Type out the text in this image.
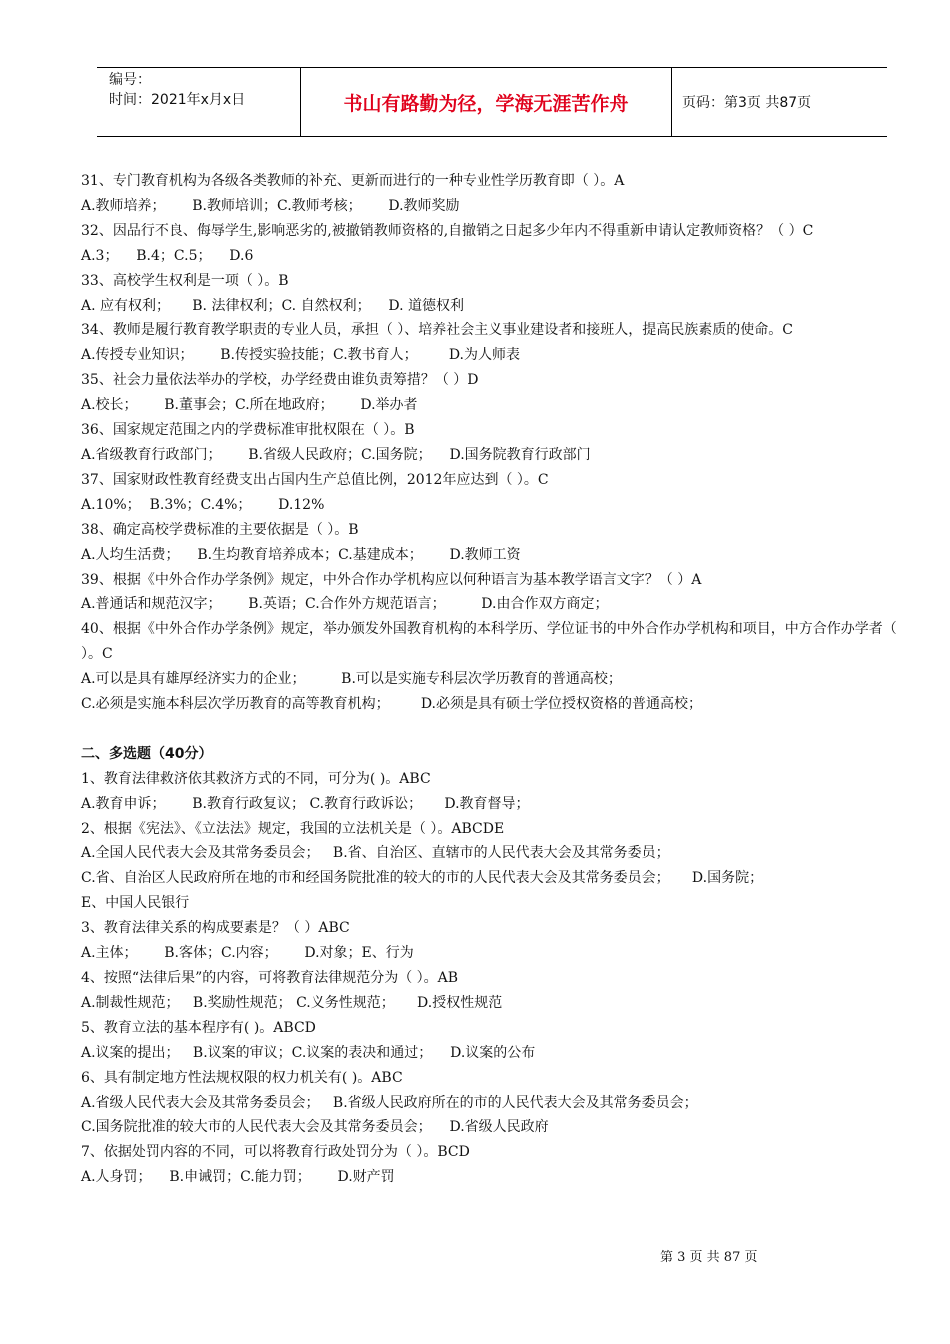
编号：
时间：2021年x月x日	书山有路勤为径，学海无涯苦作舟	页码：第3页 共87页
31、专门教育机构为各级各类教师的补充、更新而进行的一种专业性学历教育即（ ）。A
A.教师培养；      B.教师培训；C.教师考核；      D.教师奖励
32、因品行不良、侮辱学生,影响恶劣的,被撤销教师资格的,自撤销之日起多少年内不得重新申请认定教师资格？（ ）C
A.3；    B.4；C.5；    D.6
33、高校学生权利是一项（ ）。B
A. 应有权利；     B. 法律权利；C. 自然权利；    D. 道德权利
34、教师是履行教育教学职责的专业人员，承担（ ）、培养社会主义事业建设者和接班人，提高民族素质的使命。C
A.传授专业知识；      B.传授实验技能；C.教书育人；       D.为人师表
35、社会力量依法举办的学校，办学经费由谁负责筹措？（ ）D
A.校长；      B.董事会；C.所在地政府；      D.举办者
36、国家规定范围之内的学费标准审批权限在（ ）。B
A.省级教育行政部门；      B.省级人民政府；C.国务院；    D.国务院教育行政部门
37、国家财政性教育经费支出占国内生产总值比例，2012年应达到（ ）。C
A.10%；  B.3%；C.4%；      D.12%
38、确定高校学费标准的主要依据是（ ）。B
A.人均生活费；    B.生均教育培养成本；C.基建成本；      D.教师工资
39、根据《中外合作办学条例》规定，中外合作办学机构应以何种语言为基本教学语言文字？（ ）A
A.普通话和规范汉字；      B.英语；C.合作外方规范语言；        D.由合作双方商定；
40、根据《中外合作办学条例》规定，举办颁发外国教育机构的本科学历、学位证书的中外合作办学机构和项目，中方合作办学者（ ）。C
A.可以是具有雄厚经济实力的企业；        B.可以是实施专科层次学历教育的普通高校；
C.必须是实施本科层次学历教育的高等教育机构；       D.必须是具有硕士学位授权资格的普通高校；
二、多选题（40分）
1、教育法律救济依其救济方式的不同，可分为( )。ABC
A.教育申诉；      B.教育行政复议； C.教育行政诉讼；     D.教育督导；
2、根据《宪法》、《立法法》规定，我国的立法机关是（ ）。ABCDE
A.全国人民代表大会及其常务委员会；   B.省、自治区、直辖市的人民代表大会及其常务委员；
C.省、自治区人民政府所在地的市和经国务院批准的较大的市的人民代表大会及其常务委员会；     D.国务院；
E、中国人民银行
3、教育法律关系的构成要素是？（ ）ABC
A.主体；      B.客体；C.内容；      D.对象；E、行为
4、按照“法律后果”的内容，可将教育法律规范分为（ ）。AB
A.制裁性规范；   B.奖励性规范； C.义务性规范；     D.授权性规范
5、教育立法的基本程序有( )。ABCD
A.议案的提出；   B.议案的审议；C.议案的表决和通过；    D.议案的公布
6、具有制定地方性法规权限的权力机关有( )。ABC
A.省级人民代表大会及其常务委员会；   B.省级人民政府所在的市的人民代表大会及其常务委员会；
C.国务院批准的较大市的人民代表大会及其常务委员会；    D.省级人民政府
7、依据处罚内容的不同，可以将教育行政处罚分为（ ）。BCD
A.人身罚；    B.申诫罚；C.能力罚；      D.财产罚
第 3 页 共 87 页
